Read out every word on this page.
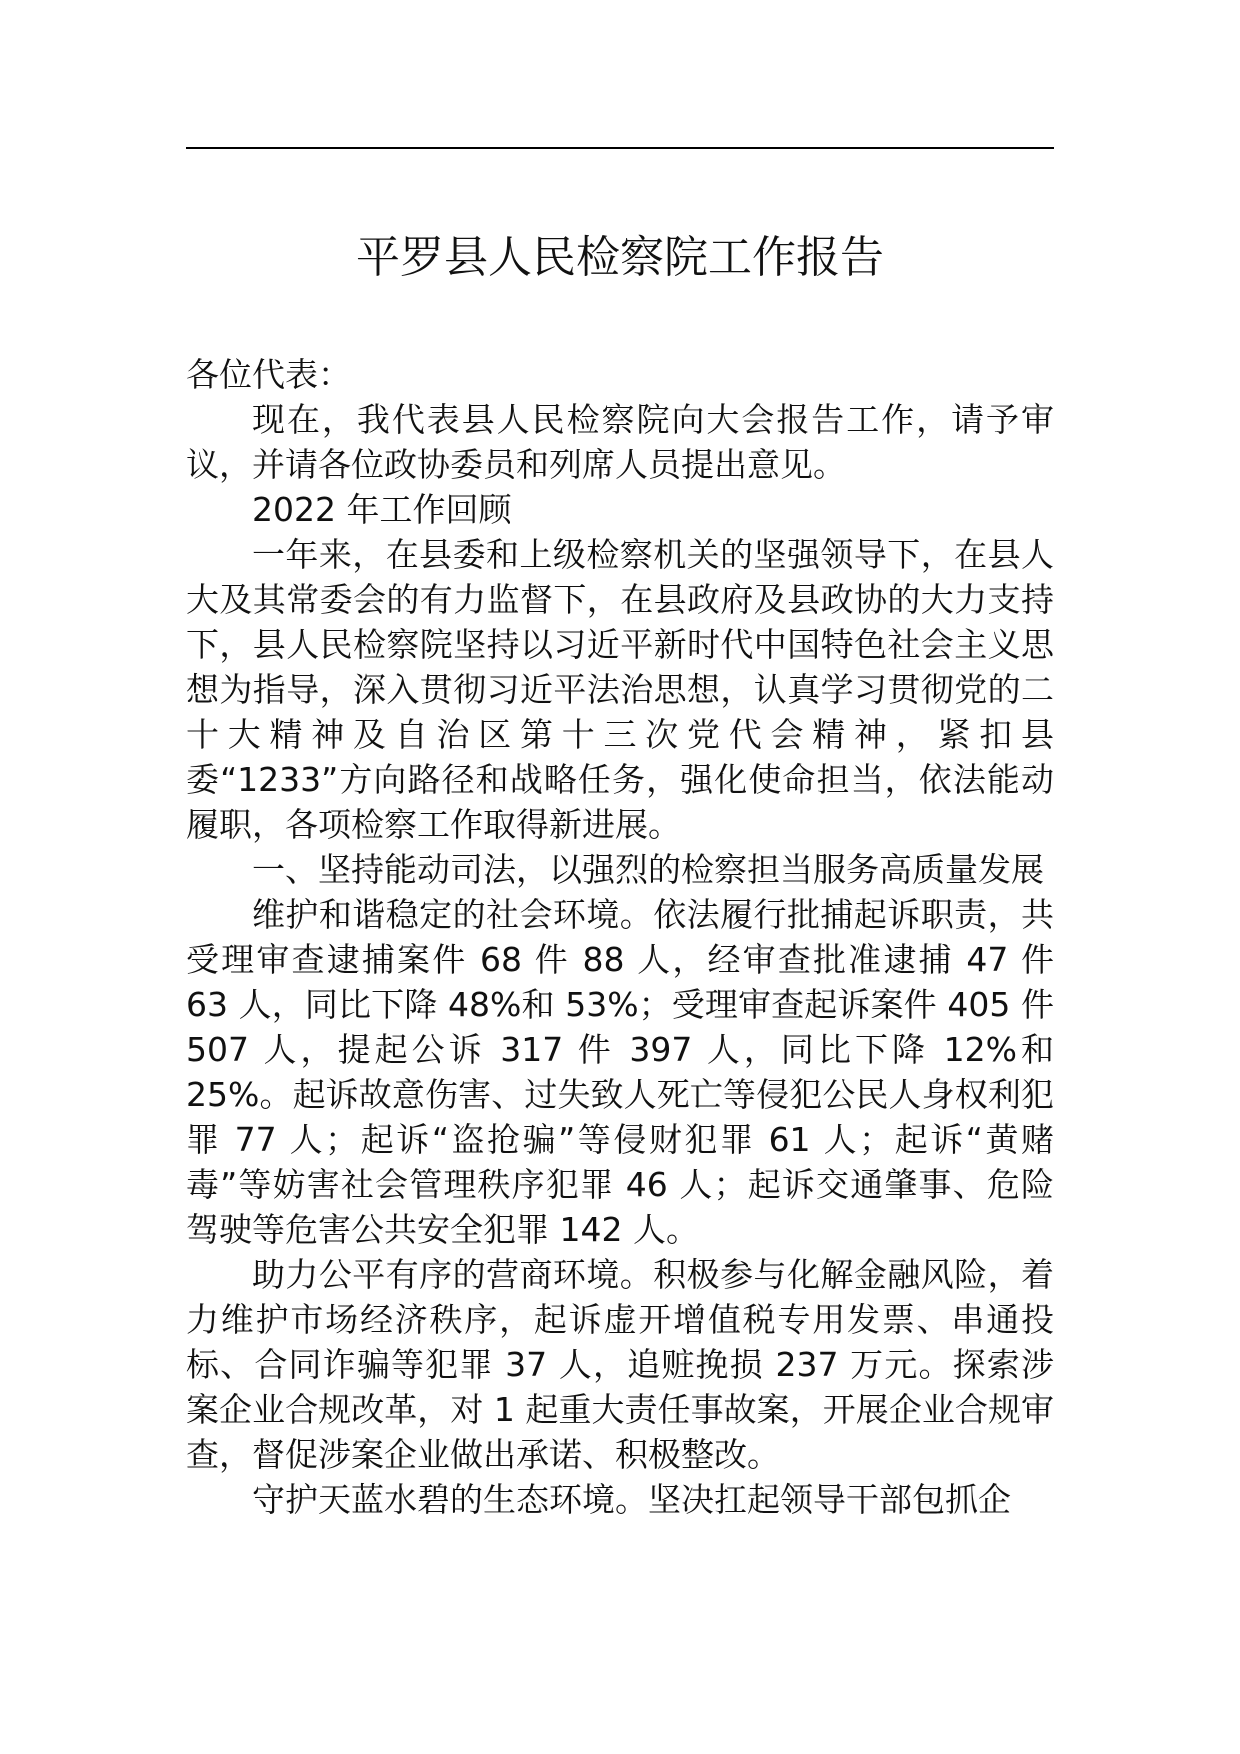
平罗县人民检察院工作报告

各位代表：

现在，我代表县人民检察院向大会报告工作，请予审议，并请各位政协委员和列席人员提出意见。

2022 年工作回顾

一年来，在县委和上级检察机关的坚强领导下，在县人大及其常委会的有力监督下，在县政府及县政协的大力支持下，县人民检察院坚持以习近平新时代中国特色社会主义思想为指导，深入贯彻习近平法治思想，认真学习贯彻党的二十大精神及自治区第十三次党代会精神，紧扣县委“1233”方向路径和战略任务，强化使命担当，依法能动履职，各项检察工作取得新进展。

一、坚持能动司法，以强烈的检察担当服务高质量发展

维护和谐稳定的社会环境。依法履行批捕起诉职责，共受理审查逮捕案件 68 件 88 人，经审查批准逮捕 47 件 63 人，同比下降 48%和 53%；受理审查起诉案件 405 件 507 人，提起公诉 317 件 397 人，同比下降 12%和 25%。起诉故意伤害、过失致人死亡等侵犯公民人身权利犯罪 77 人；起诉“盗抢骗”等侵财犯罪 61 人；起诉“黄赌毒”等妨害社会管理秩序犯罪 46 人；起诉交通肇事、危险驾驶等危害公共安全犯罪 142 人。

助力公平有序的营商环境。积极参与化解金融风险，着力维护市场经济秩序，起诉虚开增值税专用发票、串通投标、合同诈骗等犯罪 37 人，追赃挽损 237 万元。探索涉案企业合规改革，对 1 起重大责任事故案，开展企业合规审查，督促涉案企业做出承诺、积极整改。

守护天蓝水碧的生态环境。坚决扛起领导干部包抓企
